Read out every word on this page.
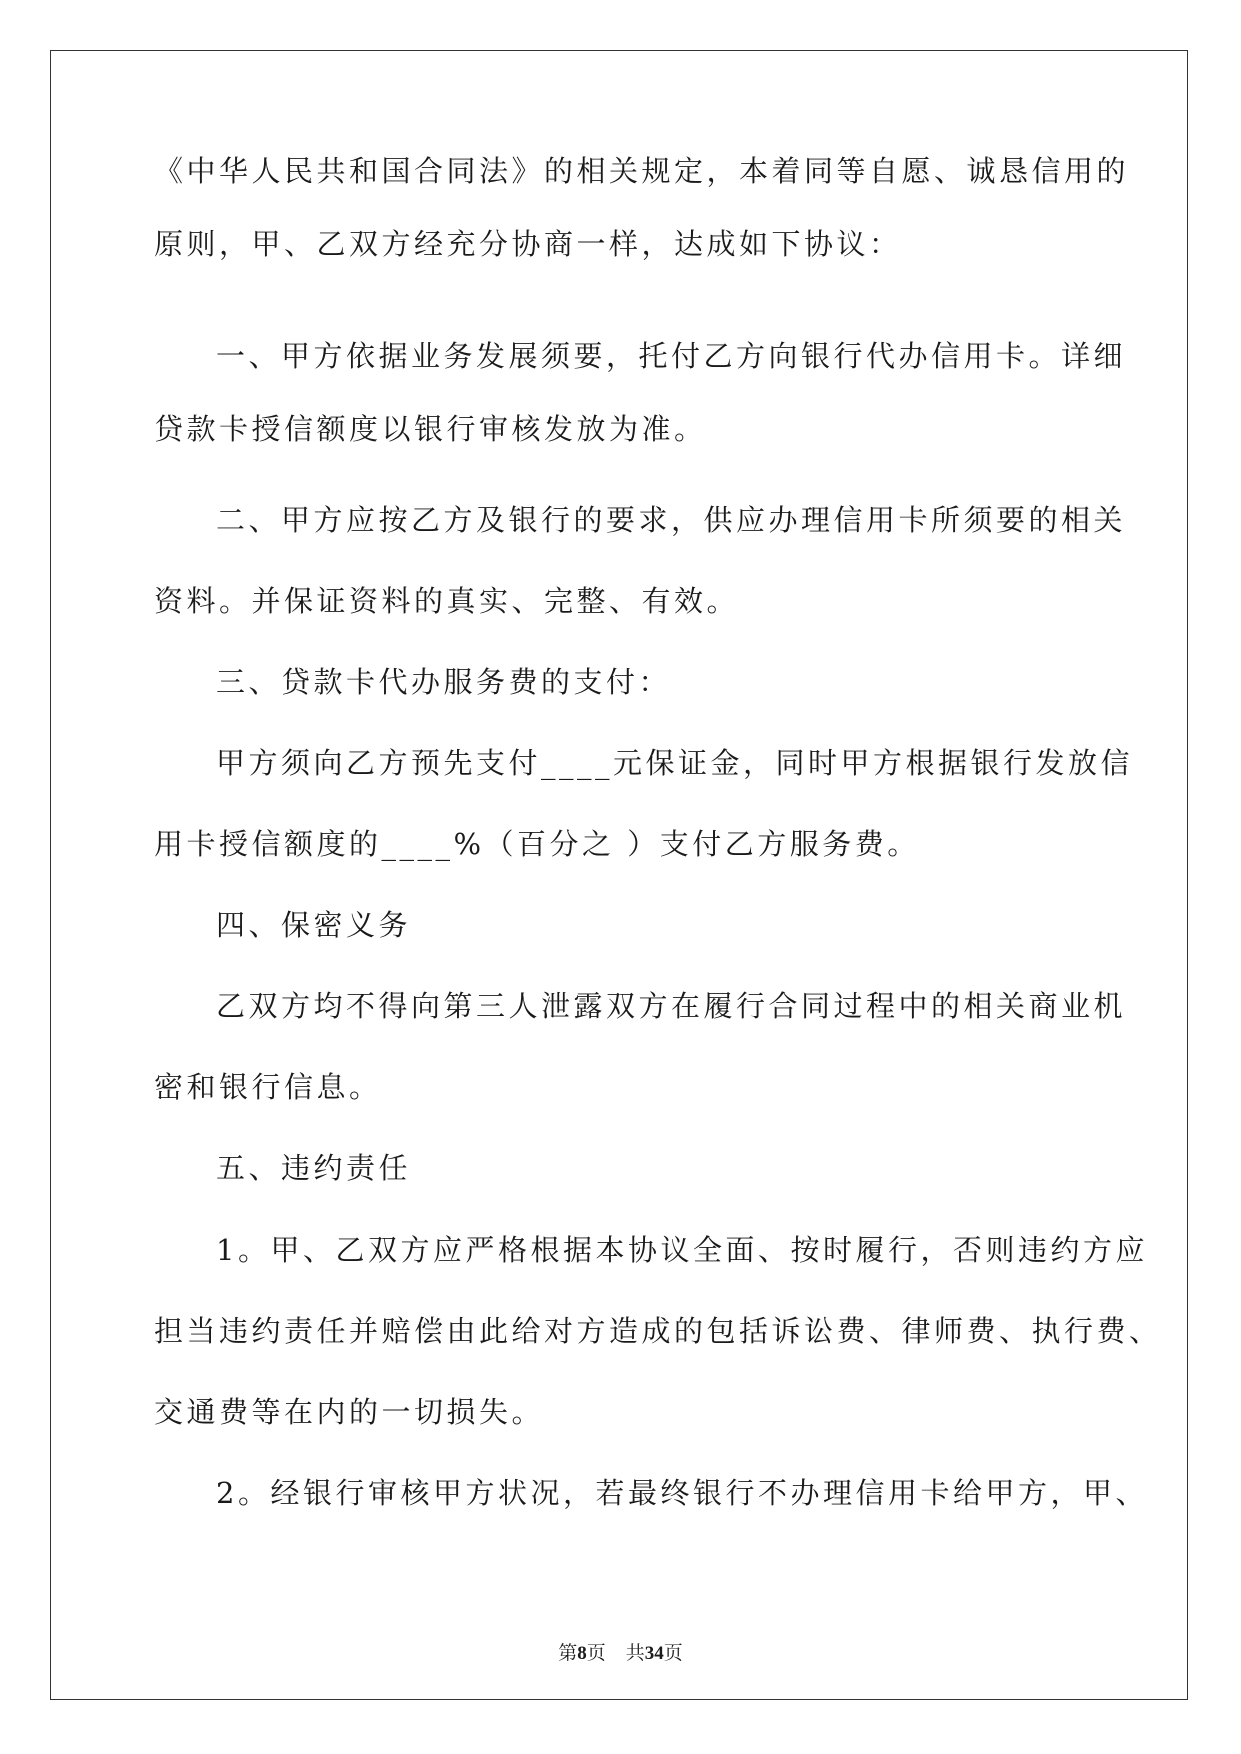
《中华人民共和国合同法》的相关规定，本着同等自愿、诚恳信用的
原则，甲、乙双方经充分协商一样，达成如下协议：
一、甲方依据业务发展须要，托付乙方向银行代办信用卡。详细
贷款卡授信额度以银行审核发放为准。
二、甲方应按乙方及银行的要求，供应办理信用卡所须要的相关
资料。并保证资料的真实、完整、有效。
三、贷款卡代办服务费的支付：
甲方须向乙方预先支付____元保证金，同时甲方根据银行发放信
用卡授信额度的____%（百分之 ）支付乙方服务费。
四、保密义务
乙双方均不得向第三人泄露双方在履行合同过程中的相关商业机
密和银行信息。
五、违约责任
1。甲、乙双方应严格根据本协议全面、按时履行，否则违约方应
担当违约责任并赔偿由此给对方造成的包括诉讼费、律师费、执行费、
交通费等在内的一切损失。
2。经银行审核甲方状况，若最终银行不办理信用卡给甲方，甲、
第8页 共34页
